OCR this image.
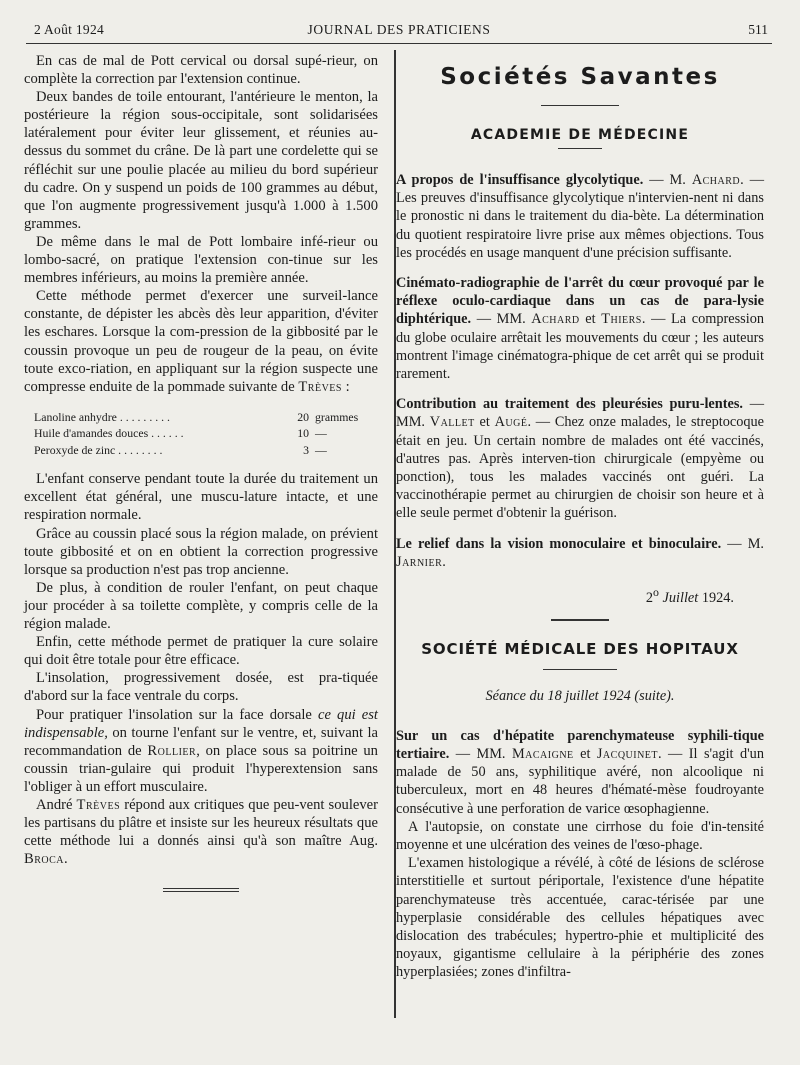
2 Août 1924	JOURNAL DES PRATICIENS	511

En cas de mal de Pott cervical ou dorsal supé-rieur, on complète la correction par l'extension continue.

Deux bandes de toile entourant, l'antérieure le menton, la postérieure la région sous-occipitale, sont solidarisées latéralement pour éviter leur glissement, et réunies au-dessus du sommet du crâne. De là part une cordelette qui se réfléchit sur une poulie placée au milieu du bord supérieur du cadre. On y suspend un poids de 100 grammes au début, que l'on augmente progressivement jusqu'à 1.000 à 1.500 grammes.

De même dans le mal de Pott lombaire infé-rieur ou lombo-sacré, on pratique l'extension con-tinue sur les membres inférieurs, au moins la première année.

Cette méthode permet d'exercer une surveil-lance constante, de dépister les abcès dès leur apparition, d'éviter les eschares. Lorsque la com-pression de la gibbosité par le coussin provoque un peu de rougeur de la peau, on évite toute exco-riation, en appliquant sur la région suspecte une compresse enduite de la pommade suivante de Trèves :

Lanoline anhydre . . . . . . . . .	20 grammes
Huile d'amandes douces . . . . . .	10 —
Peroxyde de zinc . . . . . . . .	3 —

L'enfant conserve pendant toute la durée du traitement un excellent état général, une muscu-lature intacte, et une respiration normale.

Grâce au coussin placé sous la région malade, on prévient toute gibbosité et on en obtient la correction progressive lorsque sa production n'est pas trop ancienne.

De plus, à condition de rouler l'enfant, on peut chaque jour procéder à sa toilette complète, y compris celle de la région malade.

Enfin, cette méthode permet de pratiquer la cure solaire qui doit être totale pour être efficace.

L'insolation, progressivement dosée, est pra-tiquée d'abord sur la face ventrale du corps.

Pour pratiquer l'insolation sur la face dorsale ce qui est indispensable, on tourne l'enfant sur le ventre, et, suivant la recommandation de Rollier, on place sous sa poitrine un coussin trian-gulaire qui produit l'hyperextension sans l'obliger à un effort musculaire.

André Trèves répond aux critiques que peu-vent soulever les partisans du plâtre et insiste sur les heureux résultats que cette méthode lui a donnés ainsi qu'à son maître Aug. Broca.

Sociétés Savantes
ACADEMIE DE MÉDECINE

A propos de l'insuffisance glycolytique. — M. Achard. — Les preuves d'insuffisance glycolytique n'intervien-nent ni dans le pronostic ni dans le traitement du dia-bète. La détermination du quotient respiratoire livre prise aux mêmes objections. Tous les procédés en usage manquent d'une précision suffisante.

Cinémato-radiographie de l'arrêt du cœur provoqué par le réflexe oculo-cardiaque dans un cas de para-lysie diphtérique. — MM. Achard et Thiers. — La compression du globe oculaire arrêtait les mouvements du cœur ; les auteurs montrent l'image cinématogra-phique de cet arrêt qui se produit rarement.

Contribution au traitement des pleurésies puru-lentes. — MM. Vallet et Augé. — Chez onze malades, le streptocoque était en jeu. Un certain nombre de malades ont été vaccinés, d'autres pas. Après interven-tion chirurgicale (empyème ou ponction), tous les malades vaccinés ont guéri. La vaccinothérapie permet au chirurgien de choisir son heure et à elle seule permet d'obtenir la guérison.

Le relief dans la vision monoculaire et binoculaire. — M. Jarnier.

2$^o$ Juillet 1924.

SOCIÉTÉ MÉDICALE DES HOPITAUX

Séance du 18 juillet 1924 (suite).

Sur un cas d'hépatite parenchymateuse syphili-tique tertiaire. — MM. Macaigne et Jacquinet. — Il s'agit d'un malade de 50 ans, syphilitique avéré, non alcoolique ni tuberculeux, mort en 48 heures d'hématé-mèse foudroyante consécutive à une perforation de varice œsophagienne.

A l'autopsie, on constate une cirrhose du foie d'in-tensité moyenne et une ulcération des veines de l'œso-phage.

L'examen histologique a révélé, à côté de lésions de sclérose interstitielle et surtout périportale, l'existence d'une hépatite parenchymateuse très accentuée, carac-térisée par une hyperplasie considérable des cellules hépatiques avec dislocation des trabécules; hypertro-phie et multiplicité des noyaux, gigantisme cellulaire à la périphérie des zones hyperplasiées; zones d'infiltra-
